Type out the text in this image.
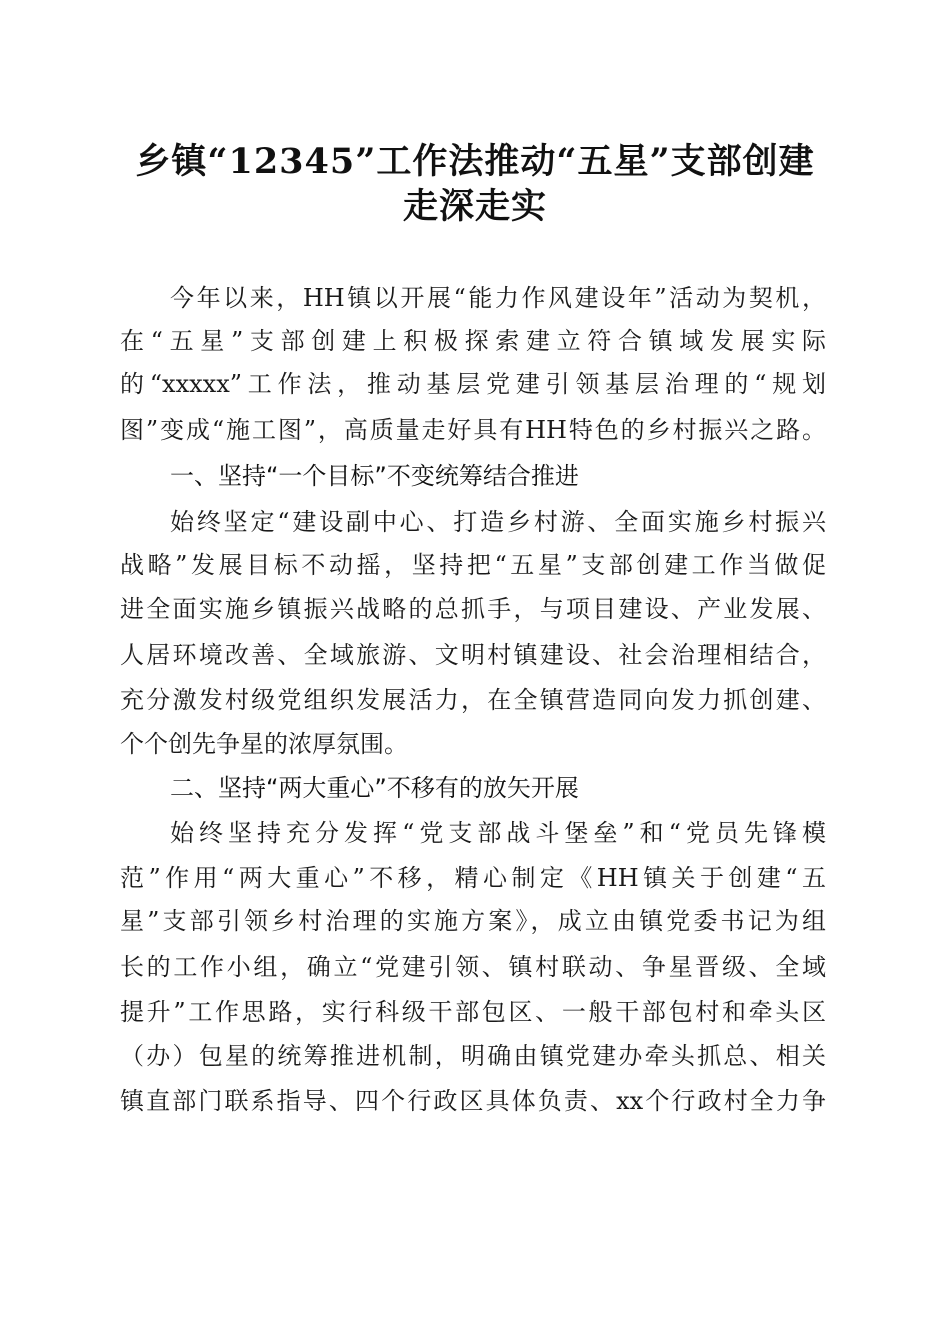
乡镇“12345”工作法推动“五星”支部创建
走深走实
今年以来，HH镇以开展“能力作风建设年”活动为契机，
在“五星”支部创建上积极探索建立符合镇域发展实际
的“xxxxx”工作法，推动基层党建引领基层治理的“规划
图”变成“施工图”，高质量走好具有HH特色的乡村振兴之路。
一、坚持“一个目标”不变统筹结合推进
始终坚定“建设副中心、打造乡村游、全面实施乡村振兴
战略”发展目标不动摇，坚持把“五星”支部创建工作当做促
进全面实施乡镇振兴战略的总抓手，与项目建设、产业发展、
人居环境改善、全域旅游、文明村镇建设、社会治理相结合，
充分激发村级党组织发展活力，在全镇营造同向发力抓创建、
个个创先争星的浓厚氛围。
二、坚持“两大重心”不移有的放矢开展
始终坚持充分发挥“党支部战斗堡垒”和“党员先锋模
范”作用“两大重心”不移，精心制定《HH镇关于创建“五
星”支部引领乡村治理的实施方案》，成立由镇党委书记为组
长的工作小组，确立“党建引领、镇村联动、争星晋级、全域
提升”工作思路，实行科级干部包区、一般干部包村和牵头区
（办）包星的统筹推进机制，明确由镇党建办牵头抓总、相关
镇直部门联系指导、四个行政区具体负责、xx个行政村全力争
